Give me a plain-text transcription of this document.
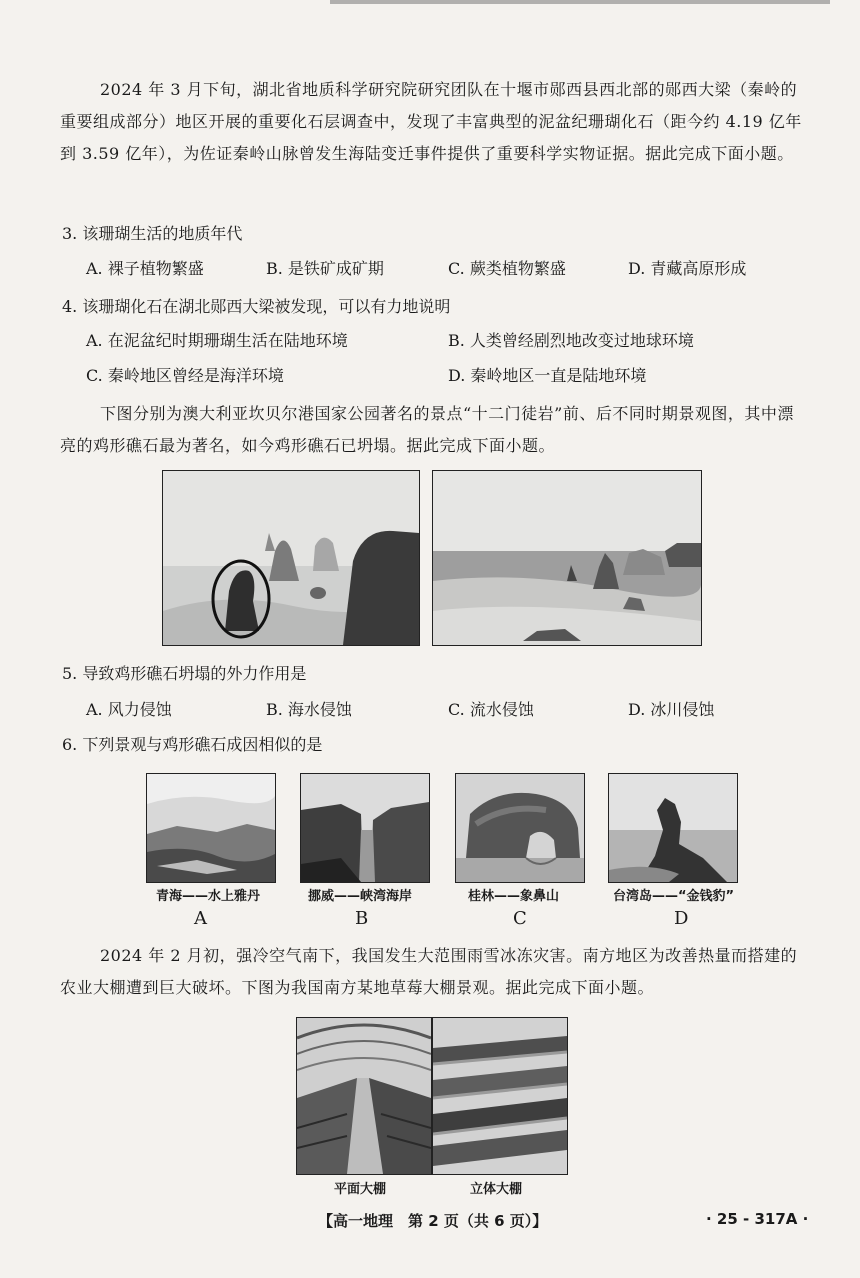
2024 年 3 月下旬，湖北省地质科学研究院研究团队在十堰市郧西县西北部的郧西大梁（秦岭的重要组成部分）地区开展的重要化石层调查中，发现了丰富典型的泥盆纪珊瑚化石（距今约 4.19 亿年到 3.59 亿年），为佐证秦岭山脉曾发生海陆变迁事件提供了重要科学实物证据。据此完成下面小题。
3. 该珊瑚生活的地质年代
A. 裸子植物繁盛	B. 是铁矿成矿期	C. 蕨类植物繁盛	D. 青藏高原形成
4. 该珊瑚化石在湖北郧西大梁被发现，可以有力地说明
A. 在泥盆纪时期珊瑚生活在陆地环境	B. 人类曾经剧烈地改变过地球环境
C. 秦岭地区曾经是海洋环境	D. 秦岭地区一直是陆地环境
下图分别为澳大利亚坎贝尔港国家公园著名的景点“十二门徒岩”前、后不同时期景观图，其中漂亮的鸡形礁石最为著名，如今鸡形礁石已坍塌。据此完成下面小题。
5. 导致鸡形礁石坍塌的外力作用是
A. 风力侵蚀	B. 海水侵蚀	C. 流水侵蚀	D. 冰川侵蚀
6. 下列景观与鸡形礁石成因相似的是
青海——水上雅丹	挪威——峡湾海岸	桂林——象鼻山	台湾岛——“金钱豹”
A	B	C	D
2024 年 2 月初，强冷空气南下，我国发生大范围雨雪冰冻灾害。南方地区为改善热量而搭建的农业大棚遭到巨大破坏。下图为我国南方某地草莓大棚景观。据此完成下面小题。
平面大棚	立体大棚
【高一地理　第 2 页（共 6 页）】	· 25 - 317A ·
